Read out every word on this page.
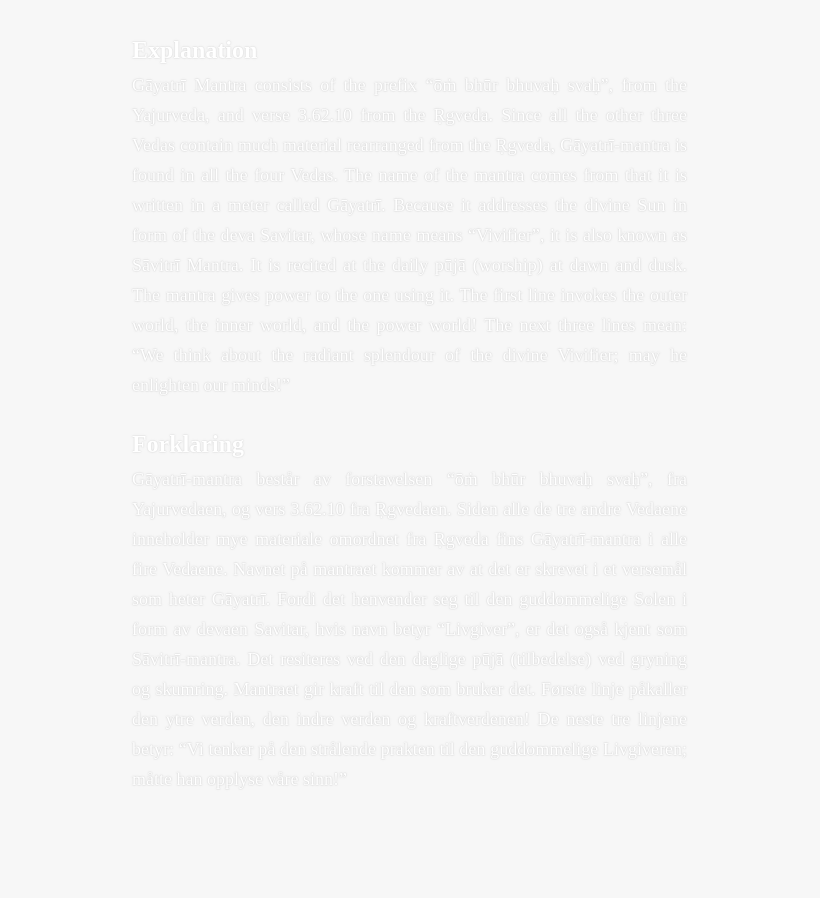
Explanation

Gāyatrī Mantra consists of the prefix “ōṁ bhūr bhuvaḥ svaḥ”, from the Yajurveda, and verse 3.62.10 from the Ṛgveda. Since all the other three Vedas contain much material rearranged from the Ṛgveda, Gāyatrī-mantra is found in all the four Vedas. The name of the mantra comes from that it is written in a meter called Gāyatrī. Because it addresses the divine Sun in form of the deva Savitar, whose name means “Vivifier”, it is also known as Sāvitrī Mantra. It is recited at the daily pūjā (worship) at dawn and dusk. The mantra gives power to the one using it. The first line invokes the outer world, the inner world, and the power world! The next three lines mean: “We think about the radiant splendour of the divine Vivifier; may he enlighten our minds!”

Forklaring

Gāyatrī-mantra består av forstavelsen “ōṁ bhūr bhuvaḥ svaḥ”, fra Yajurvedaen, og vers 3.62.10 fra Ṛgvedaen. Siden alle de tre andre Vedaene inneholder mye materiale omordnet fra Ṛgveda fins Gāyatrī-mantra i alle fire Vedaene. Navnet på mantraet kommer av at det er skrevet i et versemål som heter Gāyatrī. Fordi det henvender seg til den guddommelige Solen i form av devaen Savitar, hvis navn betyr “Livgiver”, er det også kjent som Sāvitrī-mantra. Det resiteres ved den daglige pūjā (tilbedelse) ved gryning og skumring. Mantraet gir kraft til den som bruker det. Første linje påkaller den ytre verden, den indre verden og kraftverdenen! De neste tre linjene betyr: “Vi tenker på den strålende prakten til den guddommelige Livgiveren; måtte han opplyse våre sinn!”
